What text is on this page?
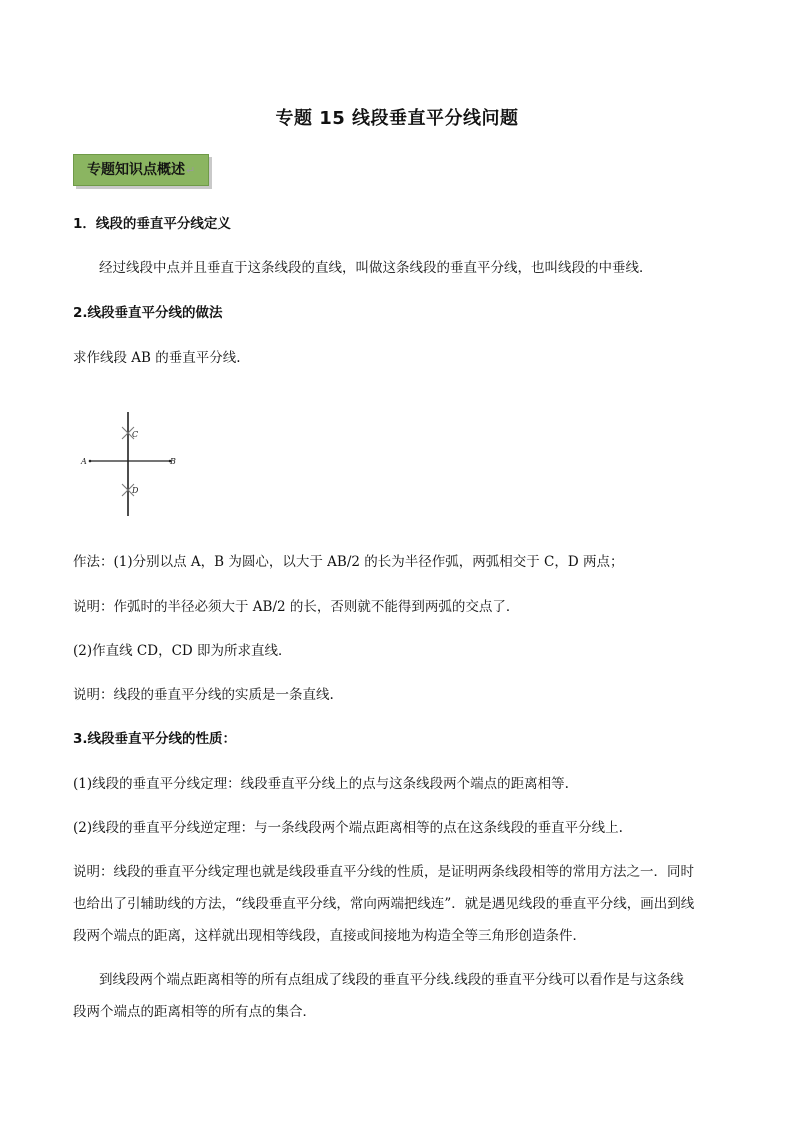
专题 15 线段垂直平分线问题
专题知识点概述↵
1．线段的垂直平分线定义
经过线段中点并且垂直于这条线段的直线，叫做这条线段的垂直平分线，也叫线段的中垂线．
2.线段垂直平分线的做法
求作线段 AB 的垂直平分线.
A	B
C
D
作法：(1)分别以点 A，B 为圆心，以大于 AB/2 的长为半径作弧，两弧相交于 C，D 两点；
说明：作弧时的半径必须大于 AB/2 的长，否则就不能得到两弧的交点了．
(2)作直线 CD，CD 即为所求直线．
说明：线段的垂直平分线的实质是一条直线.
3.线段垂直平分线的性质：
(1)线段的垂直平分线定理：线段垂直平分线上的点与这条线段两个端点的距离相等.
(2)线段的垂直平分线逆定理：与一条线段两个端点距离相等的点在这条线段的垂直平分线上.
说明：线段的垂直平分线定理也就是线段垂直平分线的性质，是证明两条线段相等的常用方法之一．同时
也给出了引辅助线的方法，“线段垂直平分线，常向两端把线连”．就是遇见线段的垂直平分线，画出到线
段两个端点的距离，这样就出现相等线段，直接或间接地为构造全等三角形创造条件．
到线段两个端点距离相等的所有点组成了线段的垂直平分线.线段的垂直平分线可以看作是与这条线
段两个端点的距离相等的所有点的集合．
